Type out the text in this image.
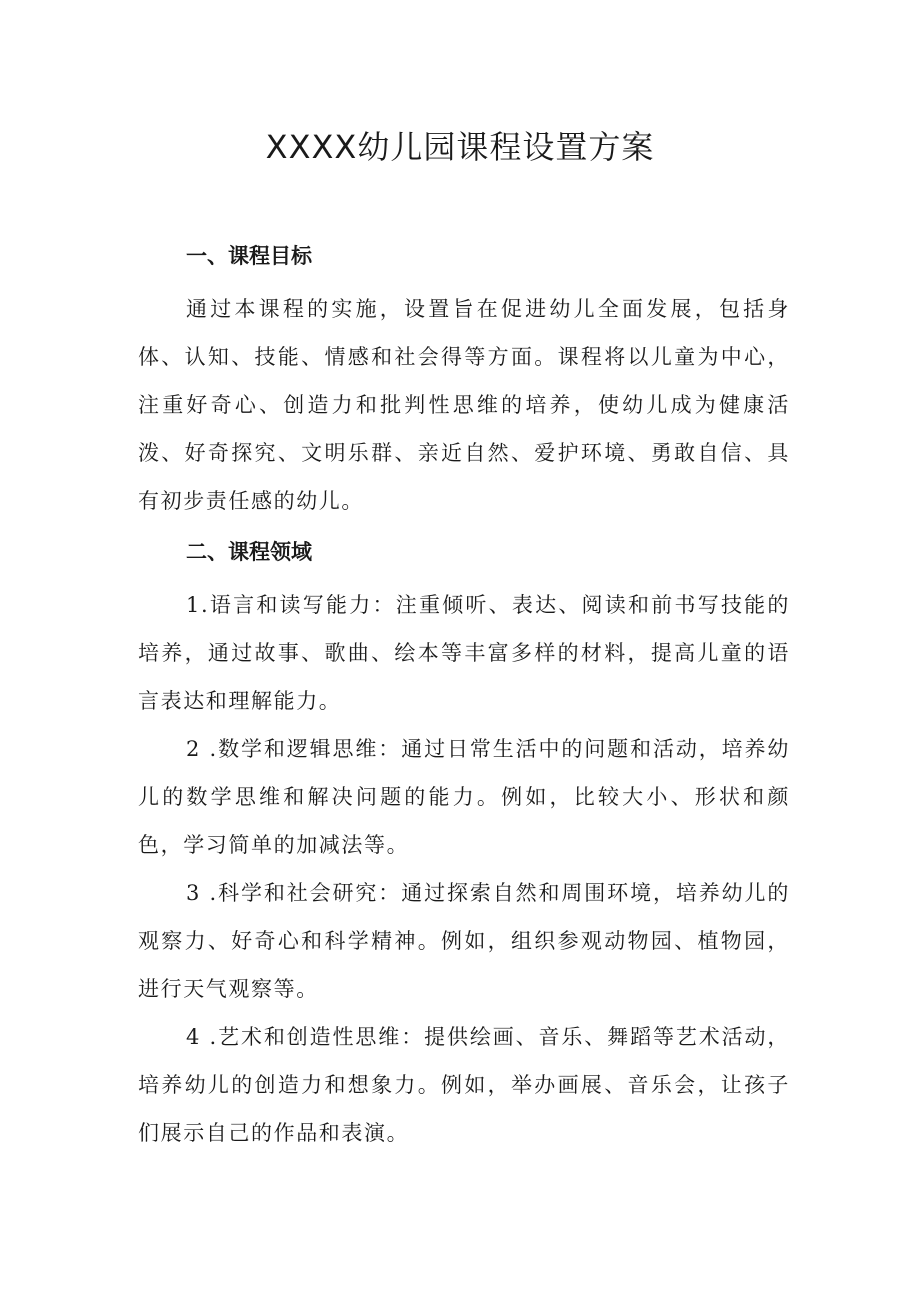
XXXX幼儿园课程设置方案
一、课程目标

通过本课程的实施，设置旨在促进幼儿全面发展，包括身体、认知、技能、情感和社会得等方面。课程将以儿童为中心，注重好奇心、创造力和批判性思维的培养，使幼儿成为健康活泼、好奇探究、文明乐群、亲近自然、爱护环境、勇敢自信、具有初步责任感的幼儿。

二、课程领域

1.语言和读写能力：注重倾听、表达、阅读和前书写技能的培养，通过故事、歌曲、绘本等丰富多样的材料，提高儿童的语言表达和理解能力。

2 .数学和逻辑思维：通过日常生活中的问题和活动，培养幼儿的数学思维和解决问题的能力。例如，比较大小、形状和颜色，学习简单的加减法等。

3 .科学和社会研究：通过探索自然和周围环境，培养幼儿的观察力、好奇心和科学精神。例如，组织参观动物园、植物园，进行天气观察等。

4 .艺术和创造性思维：提供绘画、音乐、舞蹈等艺术活动，培养幼儿的创造力和想象力。例如，举办画展、音乐会，让孩子们展示自己的作品和表演。
